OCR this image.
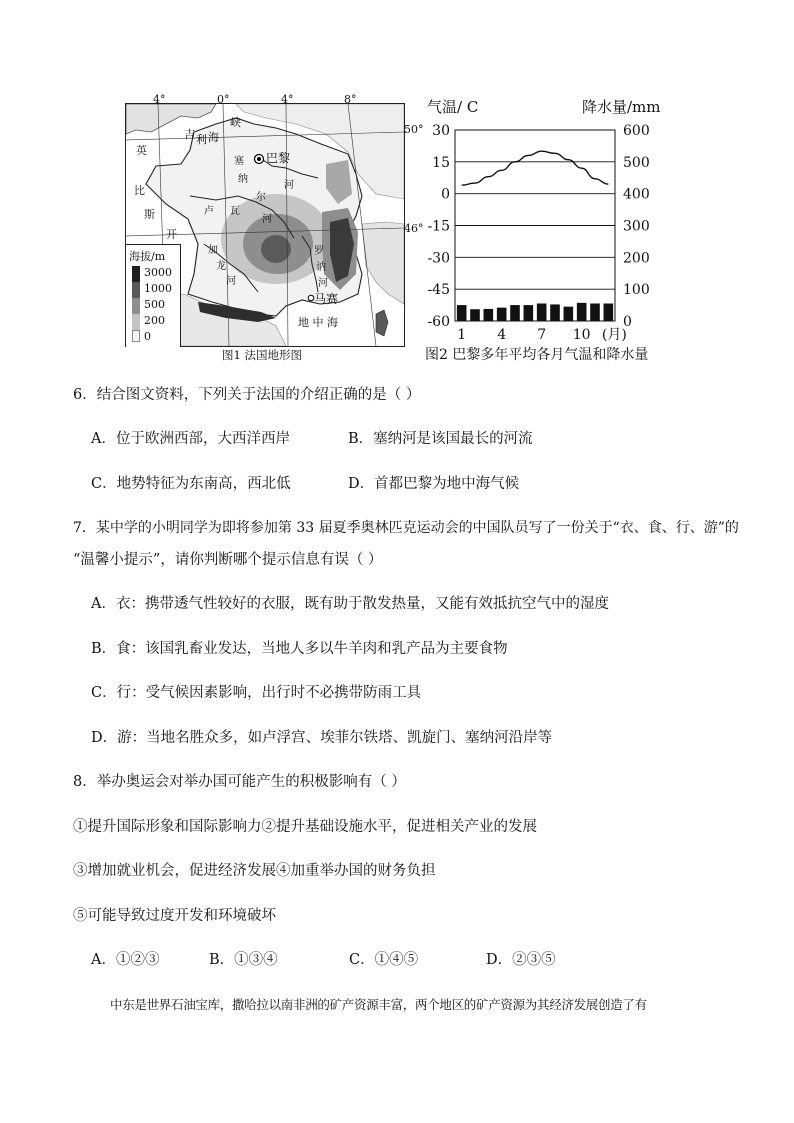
吉 利 海
峡
英
比
斯
开
巴黎
塞
纳
河
卢 瓦
尔
河
加
龙
河
罗
讷
河
马赛
地 中 海
海拔/m
3000
1000
500
200
0
4°	0°	4°	8°
50°
46°
图1 法国地形图
气温/ C	降水量/mm
30
15
0
-15
-30
-45
-60
600
500
400
300
200
100
0
1 4 7 10 (月)
图2 巴黎多年平均各月气温和降水量
6．结合图文资料，下列关于法国的介绍正确的是（ ）
A．位于欧洲西部，大西洋西岸	B．塞纳河是该国最长的河流
C．地势特征为东南高，西北低	D．首都巴黎为地中海气候
7．某中学的小明同学为即将参加第 33 届夏季奥林匹克运动会的中国队员写了一份关于“衣、食、行、游”的
“温馨小提示”，请你判断哪个提示信息有误（ ）
A．衣：携带透气性较好的衣服，既有助于散发热量，又能有效抵抗空气中的湿度
B．食：该国乳畜业发达，当地人多以牛羊肉和乳产品为主要食物
C．行：受气候因素影响，出行时不必携带防雨工具
D．游：当地名胜众多，如卢浮宫、埃菲尔铁塔、凯旋门、塞纳河沿岸等
8．举办奥运会对举办国可能产生的积极影响有（ ）
①提升国际形象和国际影响力②提升基础设施水平，促进相关产业的发展
③增加就业机会，促进经济发展④加重举办国的财务负担
⑤可能导致过度开发和环境破坏
A．①②③	B．①③④	C．①④⑤	D．②③⑤
中东是世界石油宝库，撒哈拉以南非洲的矿产资源丰富，两个地区的矿产资源为其经济发展创造了有
